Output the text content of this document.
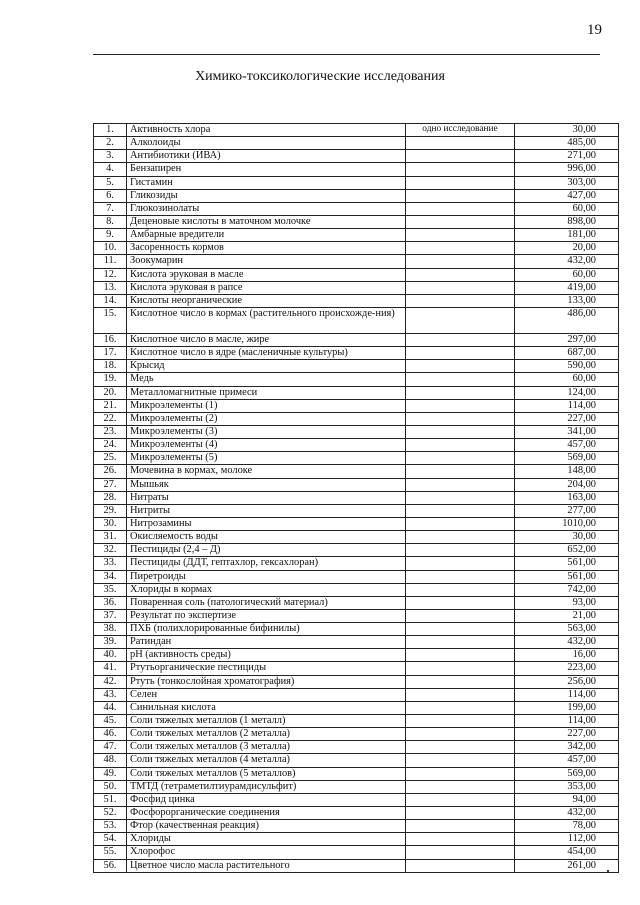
19
Химико-токсикологические исследования
1.	Активность хлора	одно исследование	30,00
2.	Алколоиды		485,00
3.	Антибиотики (ИВА)		271,00
4.	Бензапирен		996,00
5.	Гистамин		303,00
6.	Гликозиды		427,00
7.	Глюкозинолаты		60,00
8.	Деценовые кислоты в маточном молочке		898,00
9.	Амбарные вредители		181,00
10.	Засоренность кормов		20,00
11.	Зоокумарин		432,00
12.	Кислота эруковая в масле		60,00
13.	Кислота эруковая в рапсе		419,00
14.	Кислоты неорганические		133,00
15.	Кислотное число в кормах (растительного происхожде-ния)		486,00
16.	Кислотное число в масле, жире		297,00
17.	Кислотное число в ядре (масленичные культуры)		687,00
18.	Крысид		590,00
19.	Медь		60,00
20.	Металломагнитные примеси		124,00
21.	Микроэлементы (1)		114,00
22.	Микроэлементы (2)		227,00
23.	Микроэлементы (3)		341,00
24.	Микроэлементы (4)		457,00
25.	Микроэлементы (5)		569,00
26.	Мочевина в кормах, молоке		148,00
27.	Мышьяк		204,00
28.	Нитраты		163,00
29.	Нитриты		277,00
30.	Нитрозамины		1010,00
31.	Окисляемость воды		30,00
32.	Пестициды (2,4 – Д)		652,00
33.	Пестициды (ДДТ, гептахлор, гексахлоран)		561,00
34.	Пиретроиды		561,00
35.	Хлориды в кормах		742,00
36.	Поваренная соль (патологический материал)		93,00
37.	Результат по экспертизе		21,00
38.	ПХБ (полихлорированные бифинилы)		563,00
39.	Ратиндан		432,00
40.	pH (активность среды)		16,00
41.	Ртутьорганические пестициды		223,00
42.	Ртуть (тонкослойная хроматография)		256,00
43.	Селен		114,00
44.	Синильная кислота		199,00
45.	Соли тяжелых металлов (1 металл)		114,00
46.	Соли тяжелых металлов (2 металла)		227,00
47.	Соли тяжелых металлов (3 металла)		342,00
48.	Соли тяжелых металлов (4 металла)		457,00
49.	Соли тяжелых металлов (5 металлов)		569,00
50.	ТМТД (тетраметилтиурамдисульфит)		353,00
51.	Фосфид цинка		94,00
52.	Фосфорорганические соединения		432,00
53.	Фтор (качественная реакция)		78,00
54.	Хлориды		112,00
55.	Хлорофос		454,00
56.	Цветное число масла растительного		261,00
